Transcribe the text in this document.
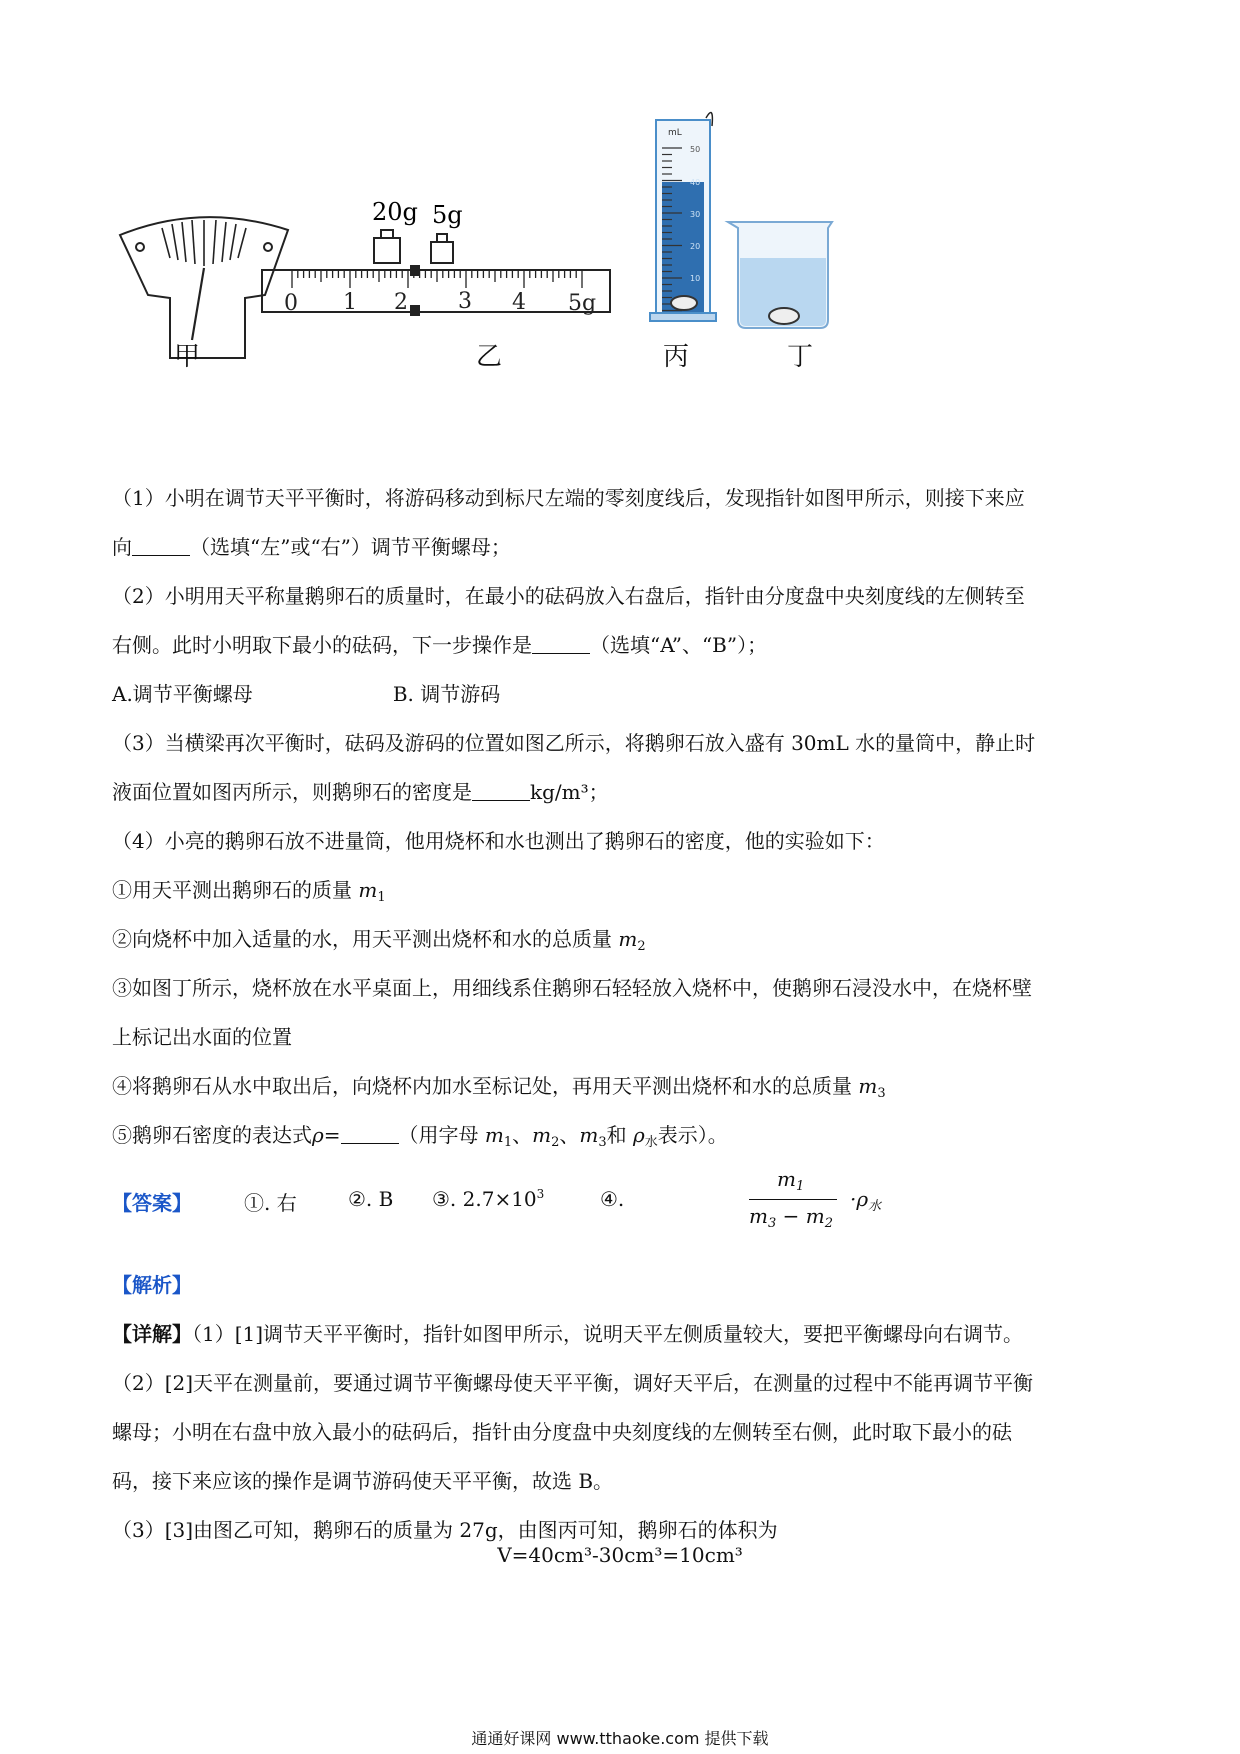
20g 5g
0 1 2 3 4 5g
mL
50
40
30
20
10
甲	乙	丙	丁
（1）小明在调节天平平衡时，将游码移动到标尺左端的零刻度线后，发现指针如图甲所示，则接下来应
向	（选填“左”或“右”）调节平衡螺母；
（2）小明用天平称量鹅卵石的质量时，在最小的砝码放入右盘后，指针由分度盘中央刻度线的左侧转至
右侧。此时小明取下最小的砝码，下一步操作是	（选填“A”、“B”）；
A.调节平衡螺母	B. 调节游码
（3）当横梁再次平衡时，砝码及游码的位置如图乙所示，将鹅卵石放入盛有 30mL 水的量筒中，静止时
液面位置如图丙所示，则鹅卵石的密度是	kg/m³；
（4）小亮的鹅卵石放不进量筒，他用烧杯和水也测出了鹅卵石的密度，他的实验如下：
①用天平测出鹅卵石的质量 $m_1$
②向烧杯中加入适量的水，用天平测出烧杯和水的总质量 $m_2$
③如图丁所示，烧杯放在水平桌面上，用细线系住鹅卵石轻轻放入烧杯中，使鹅卵石浸没水中，在烧杯壁
上标记出水面的位置
④将鹅卵石从水中取出后，向烧杯内加水至标记处，再用天平测出烧杯和水的总质量 $m_3$
⑤鹅卵石密度的表达式ρ=	（用字母 $m_1$、$m_2$、$m_3$和 $\rho_水$表示）。
【答案】	①. 右	②. B ③. $2.7\times 10^3$	④.
$m_1$
$m_3 - m_2$
$\cdot\rho_水$
【解析】
【详解】（1）[1]调节天平平衡时，指针如图甲所示，说明天平左侧质量较大，要把平衡螺母向右调节。
（2）[2]天平在测量前，要通过调节平衡螺母使天平平衡，调好天平后，在测量的过程中不能再调节平衡
螺母；小明在右盘中放入最小的砝码后，指针由分度盘中央刻度线的左侧转至右侧，此时取下最小的砝
码，接下来应该的操作是调节游码使天平平衡，故选 B。
（3）[3]由图乙可知，鹅卵石的质量为 27g，由图丙可知，鹅卵石的体积为
V=40cm³-30cm³=10cm³
通通好课网 www.tthaoke.com 提供下载
